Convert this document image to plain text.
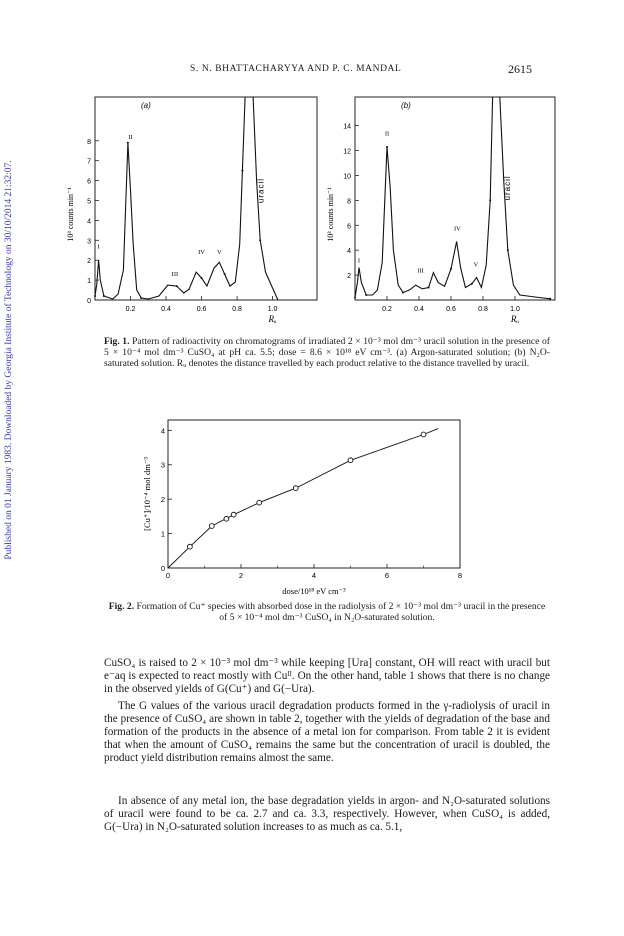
Published on 01 January 1983. Downloaded by Georgia Institute of Technology on 30/10/2014 21:32:07.
S. N. BHATTACHARYYA AND P. C. MANDAL	2615
(a)
0
1
2
3
4
5
6
7
8
0.2	0.4	0.6	0.8	1.0
10³ counts min⁻¹
Rᵤ
I
II
III
IV V
uracil
(b)
2
4
6
8
10
12
14
0.2	0.4	0.6	0.8	1.0
10³ counts min⁻¹
Rᵤ
I
II
III
IV
V
uracil
Fig. 1. Pattern of radioactivity on chromatograms of irradiated 2 × 10⁻³ mol dm⁻³ uracil solution in the presence of 5 × 10⁻⁴ mol dm⁻³ CuSO₄ at pH ca. 5.5; dose = 8.6 × 10¹⁸ eV cm⁻³. (a) Argon-saturated solution; (b) N₂O-saturated solution. Rᵤ denotes the distance travelled by each product relative to the distance travelled by uracil.
0
1
2
3
4
0	2	4	6	8
[Cu⁺]/10⁻⁴ mol dm⁻³
dose/10¹⁸ eV cm⁻³
Fig. 2. Formation of Cu⁺ species with absorbed dose in the radiolysis of 2 × 10⁻³ mol dm⁻³ uracil in the presence of 5 × 10⁻⁴ mol dm⁻³ CuSO₄ in N₂O-saturated solution.

CuSO₄ is raised to 2 × 10⁻³ mol dm⁻³ while keeping [Ura] constant, OH will react with uracil but e⁻aq is expected to react mostly with Cuᴵᴵ. On the other hand, table 1 shows that there is no change in the observed yields of G(Cu⁺) and G(−Ura).

The G values of the various uracil degradation products formed in the γ-radiolysis of uracil in the presence of CuSO₄ are shown in table 2, together with the yields of degradation of the base and formation of the products in the absence of a metal ion for comparison. From table 2 it is evident that when the amount of CuSO₄ remains the same but the concentration of uracil is doubled, the product yield distribution remains almost the same.

In absence of any metal ion, the base degradation yields in argon- and N₂O-saturated solutions of uracil were found to be ca. 2.7 and ca. 3.3, respectively. However, when CuSO₄ is added, G(−Ura) in N₂O-saturated solution increases to as much as ca. 5.1,
